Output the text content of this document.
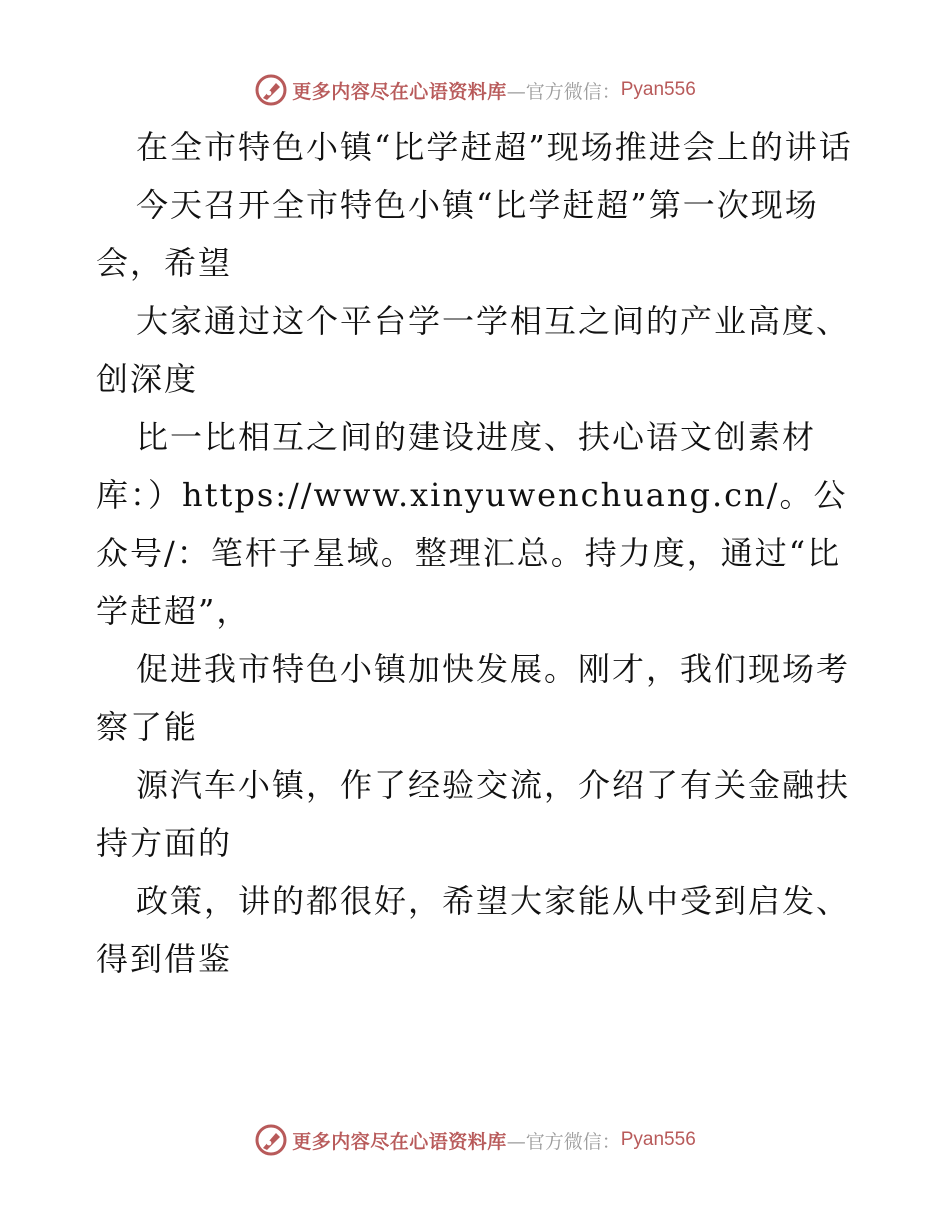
更多内容尽在心语资料库 —官方微信： Pyan556

在全市特色小镇“比学赶超”现场推进会上的讲话

今天召开全市特色小镇“比学赶超”第一次现场会，希望

大家通过这个平台学一学相互之间的产业高度、创深度

比一比相互之间的建设进度、扶心语文创素材库：）https://www.xinyuwenchuang.cn/。公众号/：笔杆子星域。整理汇总。持力度，通过“比学赶超”，

促进我市特色小镇加快发展。刚才，我们现场考察了能

源汽车小镇，作了经验交流，介绍了有关金融扶持方面的

政策，讲的都很好，希望大家能从中受到启发、得到借鉴

更多内容尽在心语资料库 —官方微信： Pyan556
